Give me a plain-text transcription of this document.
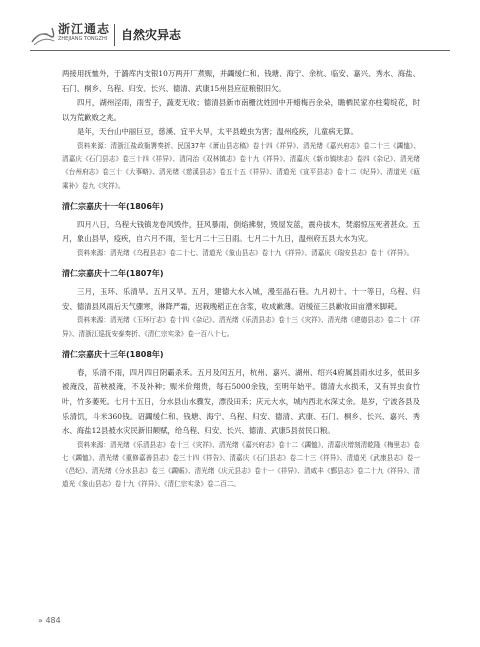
浙江通志
ZHEJIANG TONGZHI 自然灾异志

两接用抚恤外，于潞库内支银10万两开厂煮赈，并蠲缓仁和、钱塘、海宁、余杭、临安、嘉兴、秀水、海盐、石门、桐乡、乌程、归安、长兴、德清、武康15州县应征粮银旧欠。

四月，湖州淫雨，雨雪子，蔬麦无收；德清县新市南栅沈姓园中开蜡梅百余朵，瞻栖民家亦柱菊绽花，时以为荒歉败之兆。

是年，天台山中丽巨豆，慈溪、宜平大旱，太平县蝗虫为害；温州疫疾，儿童病无算。

资料来源：清浙江盐政衙署奏折、民国37年《萧山县志稿》卷十四《祥异》、清光绪《嘉兴府志》卷二十三《蠲恤》、清嘉庆《石门县志》卷三十四《祥异》、清同治《双林镇志》卷十九《祥异》、清嘉庆《新市镇续志》卷四《杂记》、清光绪《台州府志》卷三十《大事略》、清光绪《慈溪县志》卷五十五《祥异》、清道光《宣平县志》卷十二《纪异》、清道光《瓯乘补》卷九《灾祥》。

清仁宗嘉庆十一年(1806年)

四月八日，乌程大钱镇龙卷风毁作，狂风暴雨，倒焰拂射，毁屋发蓝，震舟拔木，焚溺惊压死者甚众。五月，象山县旱，疫疾，自六月不雨，至七月二十三日雨。七月二十九日，温州府五县大水为灾。

资料来源：清光绪《乌程县志》卷二十七、清道光《象山县志》卷十九《祥异》、清嘉庆《瑞安县志》卷十《祥异》。

清仁宗嘉庆十二年(1807年)

三月，玉环、乐清旱。五月又旱。五月，建德大水入城，漫至晶石巷。九月初十、十一等日，乌程、归安、德清县风雨后天气骤寒，淋降严霜，迟栽晚稻正在含浆，收成歉薄。诏缓征三县歉收田亩漕米脚耗。

资料来源：清光绪《玉环厅志》卷十四《杂记》、清光绪《乐清县志》卷十三《灾祥》、清光绪《建德县志》卷二十《祥异》、清浙江巡抚安泰奏折、《清仁宗实录》卷一百八十七。

清仁宗嘉庆十三年(1808年)

春，乐清不雨，四月四日阴霸杀禾。五月及闰五月，杭州、嘉兴、湖州、绍兴4府属县雨水过多，低田多被淹没，苗秧被淹，不及补种；赈米价翔贵，每石5000余钱，至明年始平。德清大水损禾，又有异虫食竹叶，竹多萎死。七月十五日，分水县山水骤发，漂没田禾；庆元大水，城内西北水深丈余。是岁，宁波各县及乐清饥，斗米360钱。诏蠲缓仁和、钱塘、海宁、乌程、归安、德清、武康、石门、桐乡、长兴、嘉兴、秀水、海盐12县被水灾民新旧额赋，给乌程、归安、长兴、德清、武康5县贫民口粮。

资料来源：清光绪《乐清县志》卷十三《灾祥》、清光绪《嘉兴府志》卷十二《蠲恤》、清嘉庆增刻清乾隆《梅里志》卷七《蠲恤》、清光绪《重修嘉善县志》卷三十四《祥告》、清嘉庆《石门县志》卷二十三《祥异》、清道光《武康县志》卷一《邑纪》、清光绪《分水县志》卷三《蠲赈》、清光绪《庆元县志》卷十一《祥异》、清咸丰《鄞县志》卷二十九《祥异》、清道光《象山县志》卷十九《祥异》、《清仁宗实录》卷二百二。

» 484
